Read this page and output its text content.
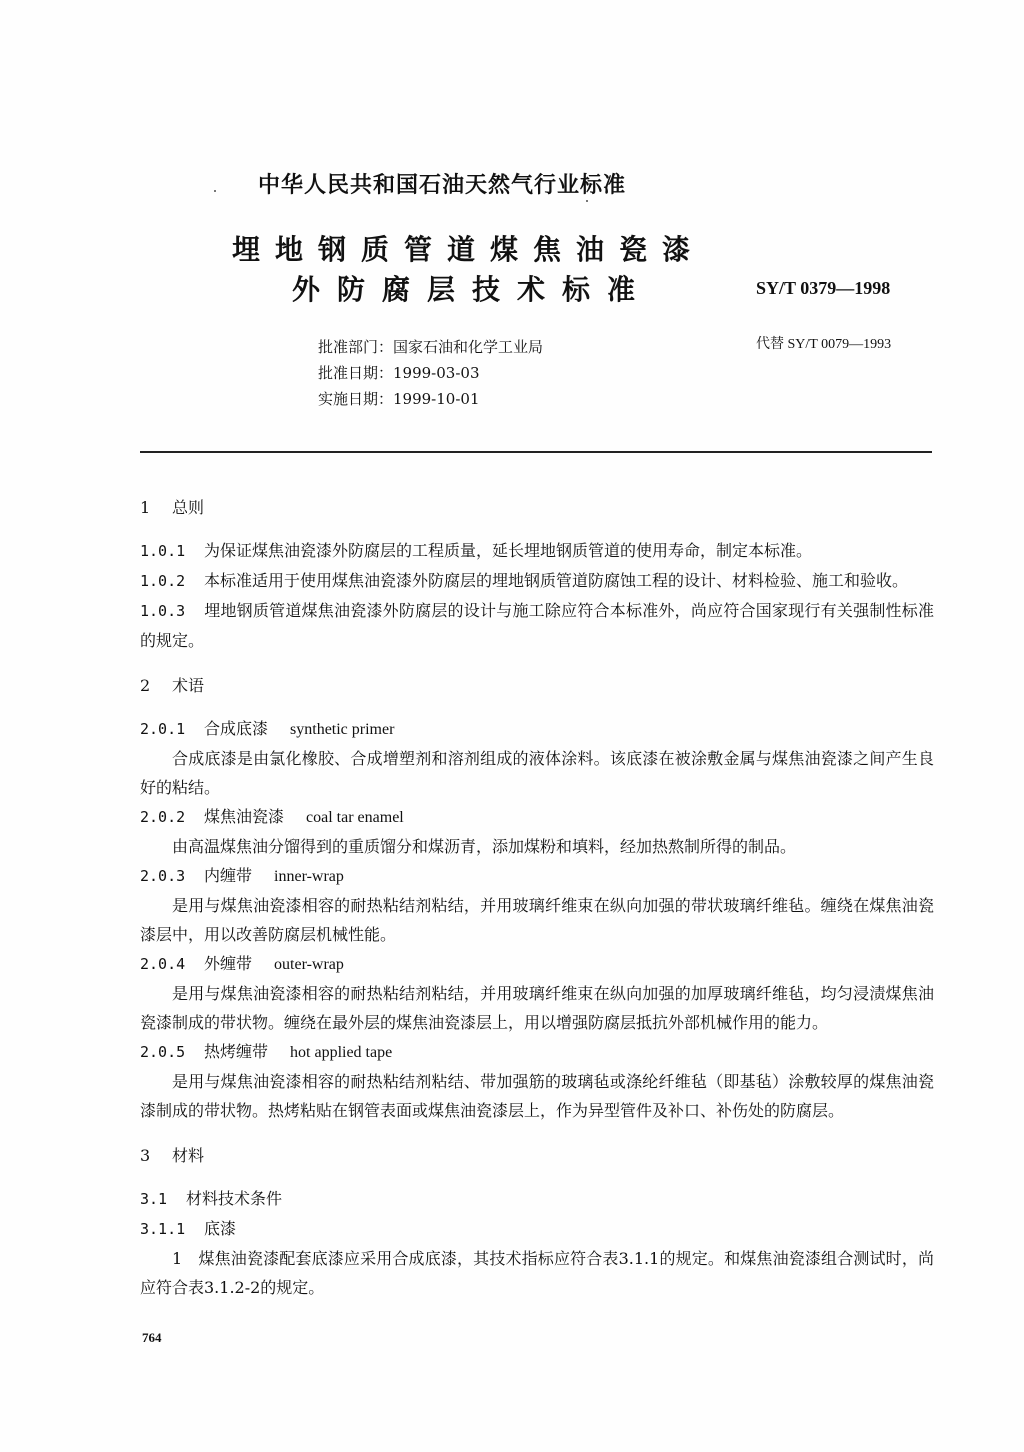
中华人民共和国石油天然气行业标准
埋地钢质管道煤焦油瓷漆
外防腐层技术标准	SY/T 0379—1998
代替 SY/T 0079—1993
批准部门：国家石油和化学工业局
批准日期：1999-03-03
实施日期：1999-10-01
1 总则
1.0.1 为保证煤焦油瓷漆外防腐层的工程质量，延长埋地钢质管道的使用寿命，制定本标准。
1.0.2 本标准适用于使用煤焦油瓷漆外防腐层的埋地钢质管道防腐蚀工程的设计、材料检验、施工和验收。
1.0.3 埋地钢质管道煤焦油瓷漆外防腐层的设计与施工除应符合本标准外，尚应符合国家现行有关强制性标准的规定。
2 术语
2.0.1 合成底漆 synthetic primer
合成底漆是由氯化橡胶、合成增塑剂和溶剂组成的液体涂料。该底漆在被涂敷金属与煤焦油瓷漆之间产生良好的粘结。
2.0.2 煤焦油瓷漆 coal tar enamel
由高温煤焦油分馏得到的重质馏分和煤沥青，添加煤粉和填料，经加热熬制所得的制品。
2.0.3 内缠带 inner-wrap
是用与煤焦油瓷漆相容的耐热粘结剂粘结，并用玻璃纤维束在纵向加强的带状玻璃纤维毡。缠绕在煤焦油瓷漆层中，用以改善防腐层机械性能。
2.0.4 外缠带 outer-wrap
是用与煤焦油瓷漆相容的耐热粘结剂粘结，并用玻璃纤维束在纵向加强的加厚玻璃纤维毡，均匀浸渍煤焦油瓷漆制成的带状物。缠绕在最外层的煤焦油瓷漆层上，用以增强防腐层抵抗外部机械作用的能力。
2.0.5 热烤缠带 hot applied tape
是用与煤焦油瓷漆相容的耐热粘结剂粘结、带加强筋的玻璃毡或涤纶纤维毡（即基毡）涂敷较厚的煤焦油瓷漆制成的带状物。热烤粘贴在钢管表面或煤焦油瓷漆层上，作为异型管件及补口、补伤处的防腐层。
3 材料
3.1 材料技术条件
3.1.1 底漆
1　煤焦油瓷漆配套底漆应采用合成底漆，其技术指标应符合表3.1.1的规定。和煤焦油瓷漆组合测试时，尚应符合表3.1.2-2的规定。
764
